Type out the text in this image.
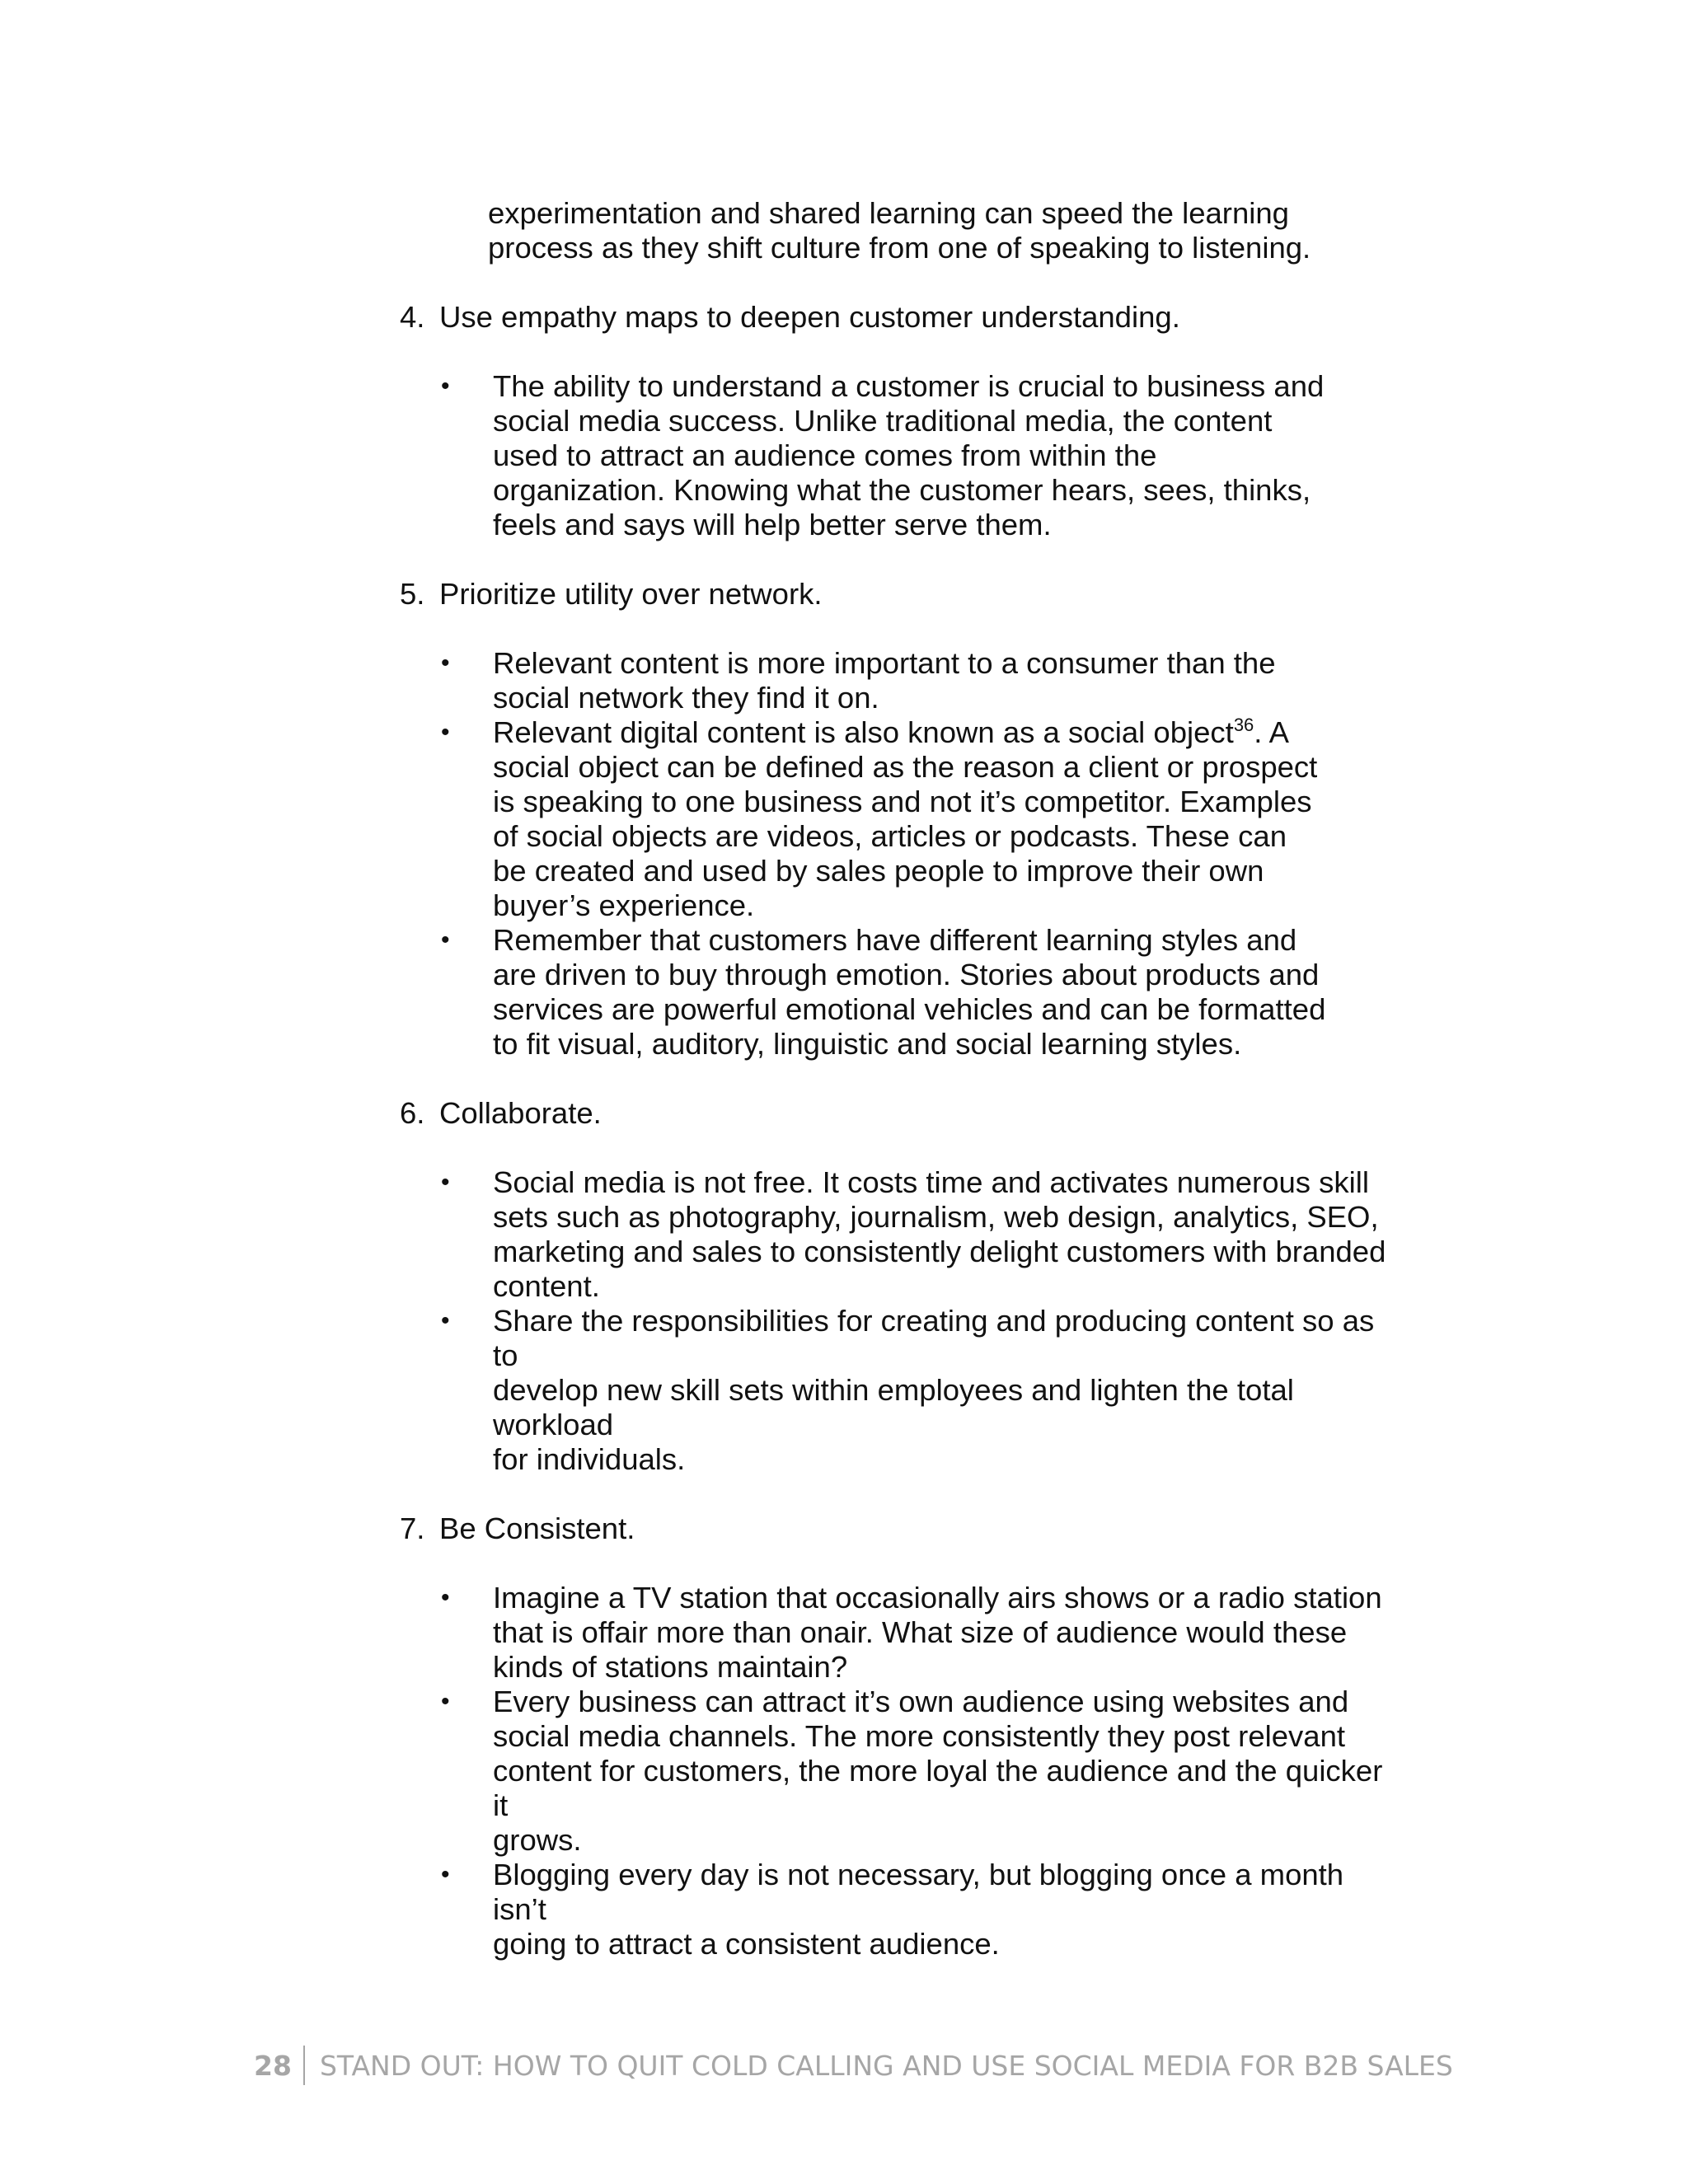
experimentation and shared learning can speed the learning

process as they shift culture from one of speaking to listening.

4. Use empathy maps to deepen customer understanding.
•	The ability to understand a customer is crucial to business and

social media success. Unlike traditional media, the content

used to attract an audience comes from within the

organization. Knowing what the customer hears, sees, thinks,

feels and says will help better serve them.

5. Prioritize utility over network.
•	Relevant content is more important to a consumer than the

social network they find it on.

•	Relevant digital content is also known as a social object$^{36}$. A

social object can be defined as the reason a client or prospect

is speaking to one business and not it’s competitor. Examples

of social objects are videos, articles or podcasts. These can

be created and used by sales people to improve their own

buyer’s experience.

•	Remember that customers have different learning styles and

are driven to buy through emotion. Stories about products and

services are powerful emotional vehicles and can be formatted

to fit visual, auditory, linguistic and social learning styles.

6. Collaborate.
•	Social media is not free. It costs time and activates numerous skill

sets such as photography, journalism, web design, analytics, SEO,

marketing and sales to consistently delight customers with branded

content.

•	Share the responsibilities for creating and producing content so as to

develop new skill sets within employees and lighten the total workload

for individuals.

7. Be Consistent.
•	Imagine a TV station that occasionally airs shows or a radio station

that is offair more than onair. What size of audience would these

kinds of stations maintain?

•	Every business can attract it’s own audience using websites and

social media channels. The more consistently they post relevant

content for customers, the more loyal the audience and the quicker it

grows.

•	Blogging every day is not necessary, but blogging once a month isn’t

going to attract a consistent audience.

28	STAND OUT: HOW TO QUIT COLD CALLING AND USE SOCIAL MEDIA FOR B2B SALES
